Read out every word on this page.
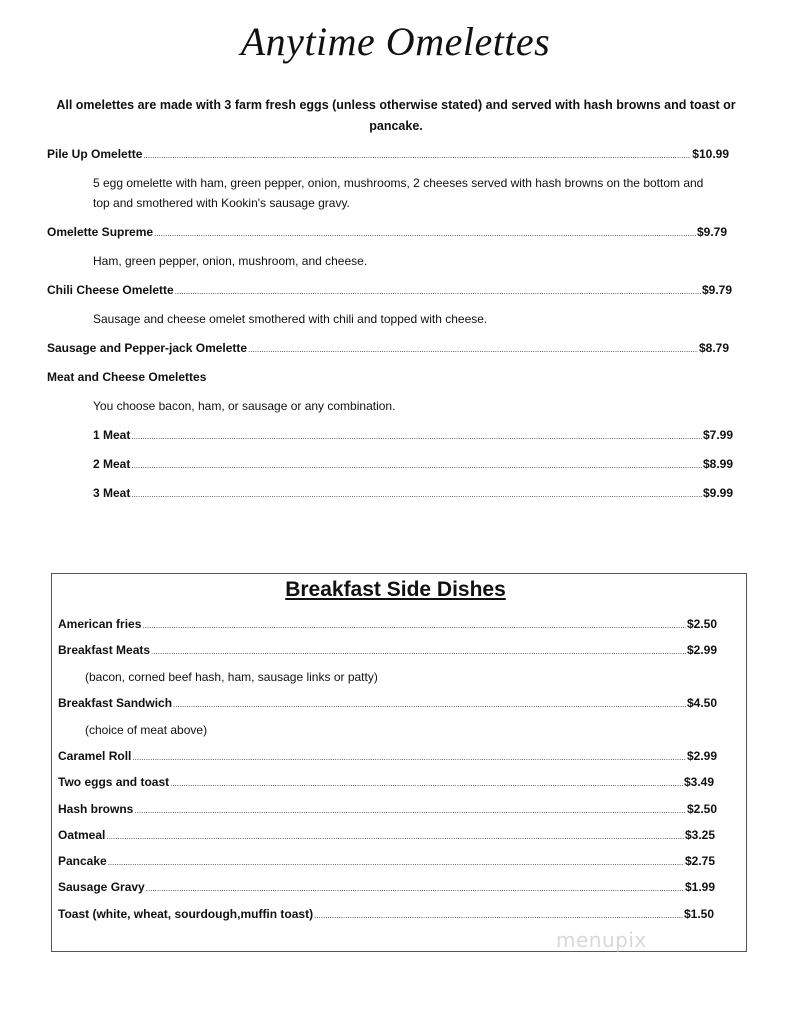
Anytime Omelettes
All omelettes are made with 3 farm fresh eggs (unless otherwise stated) and served with hash browns and toast or pancake.
Pile Up Omelette .....	$10.99
5 egg omelette with ham, green pepper, onion, mushrooms, 2 cheeses served with hash browns on the bottom and top and smothered with Kookin's sausage gravy.
Omelette Supreme .....	$9.79
Ham, green pepper, onion, mushroom, and cheese.
Chili Cheese Omelette .....	$9.79
Sausage and cheese omelet smothered with chili and topped with cheese.
Sausage and Pepper-jack Omelette .....	$8.79
Meat and Cheese Omelettes
You choose bacon, ham, or sausage or any combination.
1 Meat .....	$7.99
2 Meat .....	$8.99
3 Meat .....	$9.99
Breakfast Side Dishes
American fries .....	$2.50
Breakfast Meats .....	$2.99
(bacon, corned beef hash, ham, sausage links or patty)
Breakfast Sandwich .....	$4.50
(choice of meat above)
Caramel Roll .....	$2.99
Two eggs and toast .....	$3.49
Hash browns .....	$2.50
Oatmeal .....	$3.25
Pancake .....	$2.75
Sausage Gravy .....	$1.99
Toast (white, wheat, sourdough,muffin toast) .....	$1.50
menupix
